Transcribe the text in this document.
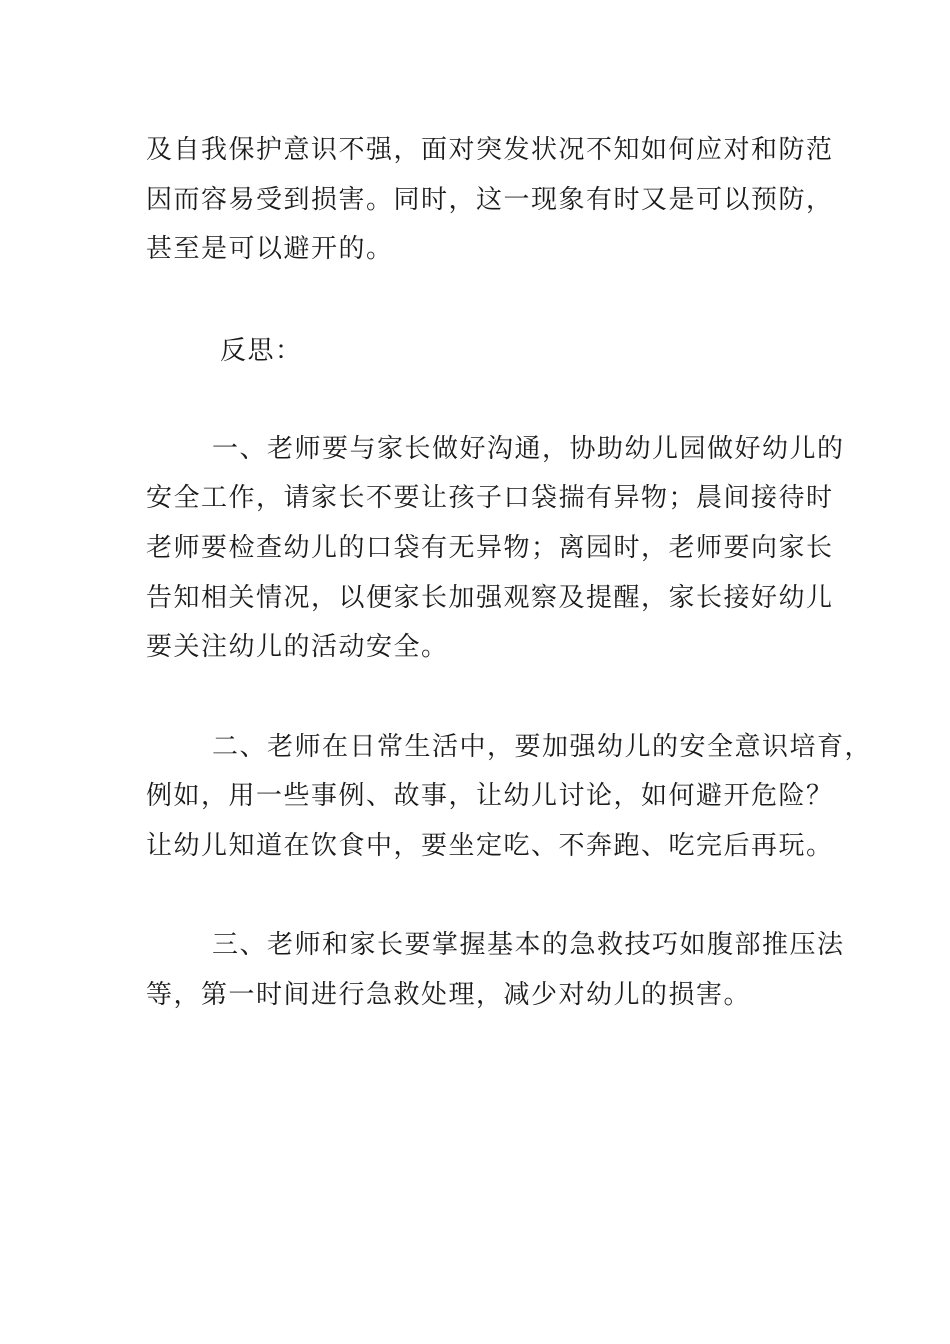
及自我保护意识不强，面对突发状况不知如何应对和防范
因而容易受到损害。同时，这一现象有时又是可以预防，
甚至是可以避开的。
反思：
一、老师要与家长做好沟通，协助幼儿园做好幼儿的
安全工作，请家长不要让孩子口袋揣有异物；晨间接待时
老师要检查幼儿的口袋有无异物；离园时，老师要向家长
告知相关情况，以便家长加强观察及提醒，家长接好幼儿
要关注幼儿的活动安全。
二、老师在日常生活中，要加强幼儿的安全意识培育，
例如，用一些事例、故事，让幼儿讨论，如何避开危险？
让幼儿知道在饮食中，要坐定吃、不奔跑、吃完后再玩。
三、老师和家长要掌握基本的急救技巧如腹部推压法
等，第一时间进行急救处理，减少对幼儿的损害。
